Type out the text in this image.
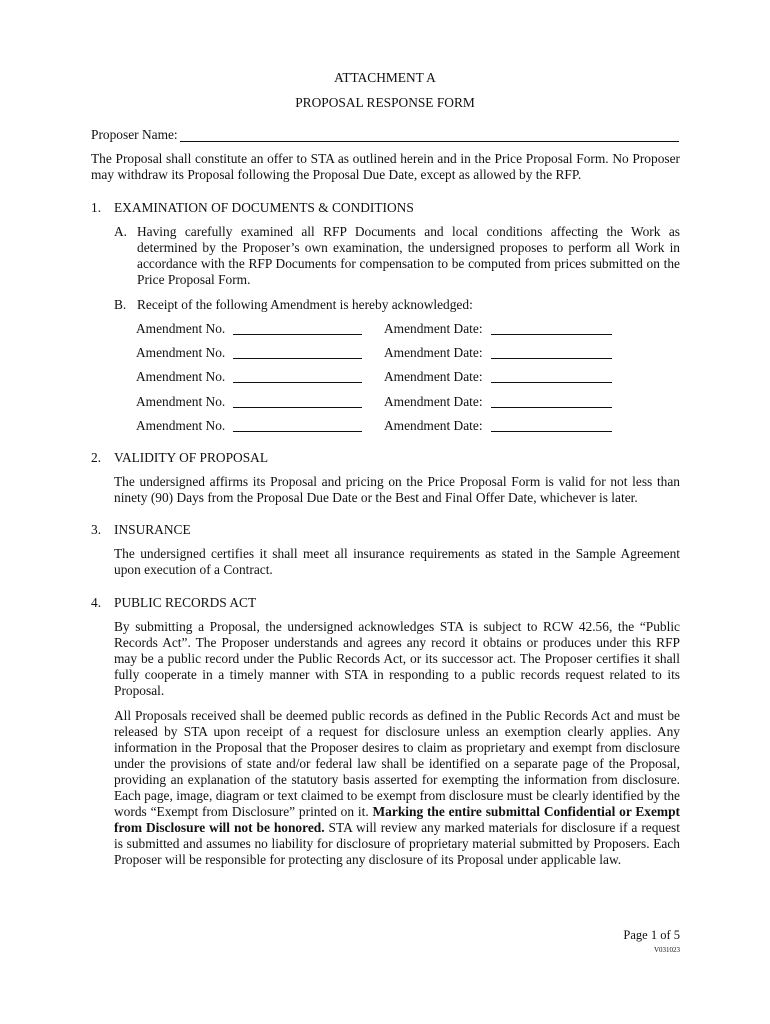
ATTACHMENT A
PROPOSAL RESPONSE FORM
Proposer Name:
The Proposal shall constitute an offer to STA as outlined herein and in the Price Proposal Form. No Proposer may withdraw its Proposal following the Proposal Due Date, except as allowed by the RFP.
1. EXAMINATION OF DOCUMENTS & CONDITIONS
A. Having carefully examined all RFP Documents and local conditions affecting the Work as determined by the Proposer’s own examination, the undersigned proposes to perform all Work in accordance with the RFP Documents for compensation to be computed from prices submitted on the Price Proposal Form.
B. Receipt of the following Amendment is hereby acknowledged:
Amendment No.	Amendment Date:
Amendment No.	Amendment Date:
Amendment No.	Amendment Date:
Amendment No.	Amendment Date:
Amendment No.	Amendment Date:
2. VALIDITY OF PROPOSAL
The undersigned affirms its Proposal and pricing on the Price Proposal Form is valid for not less than ninety (90) Days from the Proposal Due Date or the Best and Final Offer Date, whichever is later.
3. INSURANCE
The undersigned certifies it shall meet all insurance requirements as stated in the Sample Agreement upon execution of a Contract.
4. PUBLIC RECORDS ACT
By submitting a Proposal, the undersigned acknowledges STA is subject to RCW 42.56, the “Public Records Act”. The Proposer understands and agrees any record it obtains or produces under this RFP may be a public record under the Public Records Act, or its successor act. The Proposer certifies it shall fully cooperate in a timely manner with STA in responding to a public records request related to its Proposal.
All Proposals received shall be deemed public records as defined in the Public Records Act and must be released by STA upon receipt of a request for disclosure unless an exemption clearly applies. Any information in the Proposal that the Proposer desires to claim as proprietary and exempt from disclosure under the provisions of state and/or federal law shall be identified on a separate page of the Proposal, providing an explanation of the statutory basis asserted for exempting the information from disclosure. Each page, image, diagram or text claimed to be exempt from disclosure must be clearly identified by the words “Exempt from Disclosure” printed on it. Marking the entire submittal Confidential or Exempt from Disclosure will not be honored. STA will review any marked materials for disclosure if a request is submitted and assumes no liability for disclosure of proprietary material submitted by Proposers. Each Proposer will be responsible for protecting any disclosure of its Proposal under applicable law.
Page 1 of 5
V031023
